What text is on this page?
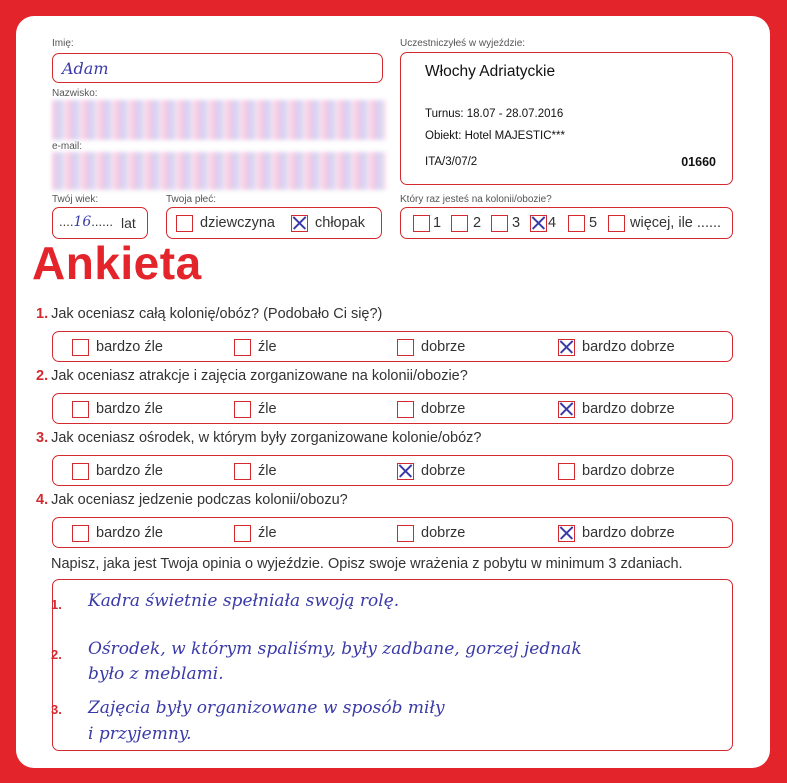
Imię:
Adam
Nazwisko:
e-mail:
Twój wiek:
....16...... lat
Twoja płeć:
dziewczyna	chłopak
Uczestniczyłeś w wyjeździe:
Włochy Adriatyckie
Turnus: 18.07 - 28.07.2016
Obiekt: Hotel MAJESTIC***
ITA/3/07/2	01660
Który raz jesteś na kolonii/obozie?
1 2 3 4 5 więcej, ile ......
Ankieta
1. Jak oceniasz całą kolonię/obóz? (Podobało Ci się?)
bardzo źle	źle	dobrze	bardzo dobrze
2. Jak oceniasz atrakcje i zajęcia zorganizowane na kolonii/obozie?
bardzo źle	źle	dobrze	bardzo dobrze
3. Jak oceniasz ośrodek, w którym były zorganizowane kolonie/obóz?
bardzo źle	źle	dobrze	bardzo dobrze
4. Jak oceniasz jedzenie podczas kolonii/obozu?
bardzo źle	źle	dobrze	bardzo dobrze
Napisz, jaka jest Twoja opinia o wyjeździe. Opisz swoje wrażenia z pobytu w minimum 3 zdaniach.
1. Kadra świetnie spełniała swoją rolę.
2. Ośrodek, w którym spaliśmy, były zadbane, gorzej jednak
było z meblami.
3. Zajęcia były organizowane w sposób miły
i przyjemny.
